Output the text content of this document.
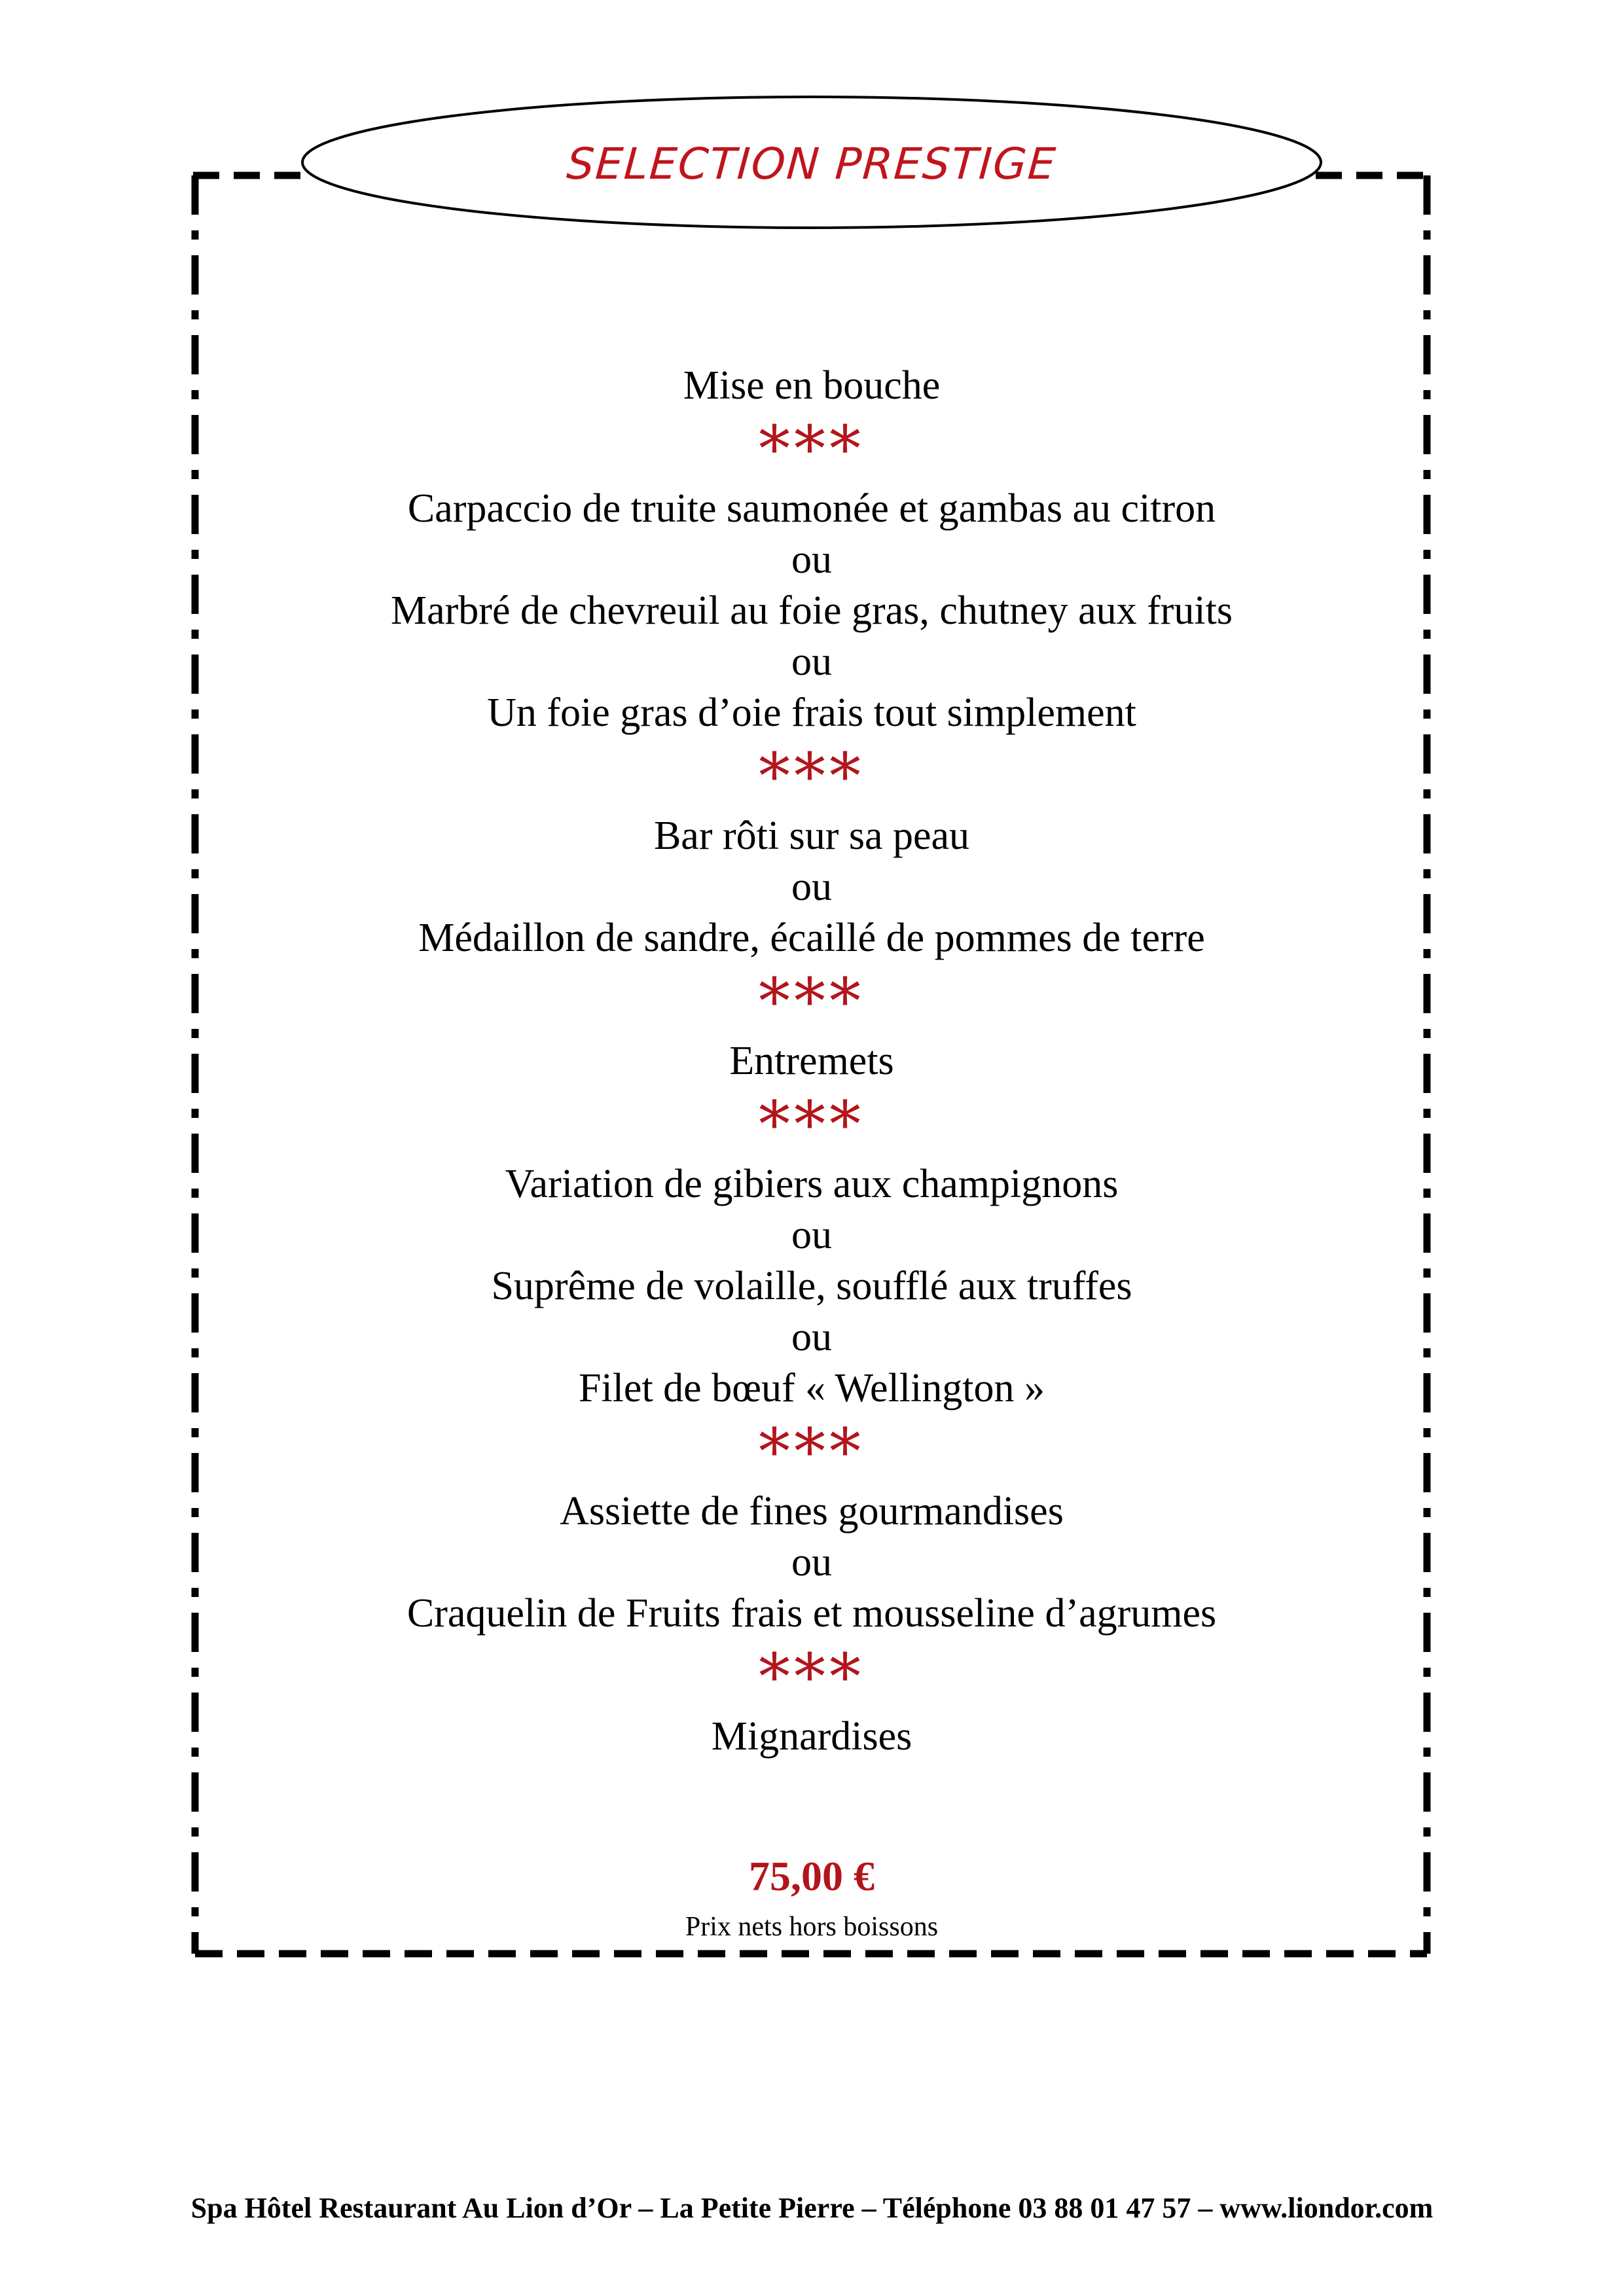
SELECTION PRESTIGE
Mise en bouche
***
Carpaccio de truite saumonée et gambas au citron
ou
Marbré de chevreuil au foie gras, chutney aux fruits
ou
Un foie gras d’oie frais tout simplement
***
Bar rôti sur sa peau
ou
Médaillon de sandre, écaillé de pommes de terre
***
Entremets
***
Variation de gibiers aux champignons
ou
Suprême de volaille, soufflé aux truffes
ou
Filet de bœuf « Wellington »
***
Assiette de fines gourmandises
ou
Craquelin de Fruits frais et mousseline d’agrumes
***
Mignardises
75,00 €
Prix nets hors boissons
Spa Hôtel Restaurant Au Lion d’Or – La Petite Pierre – Téléphone 03 88 01 47 57 – www.liondor.com
